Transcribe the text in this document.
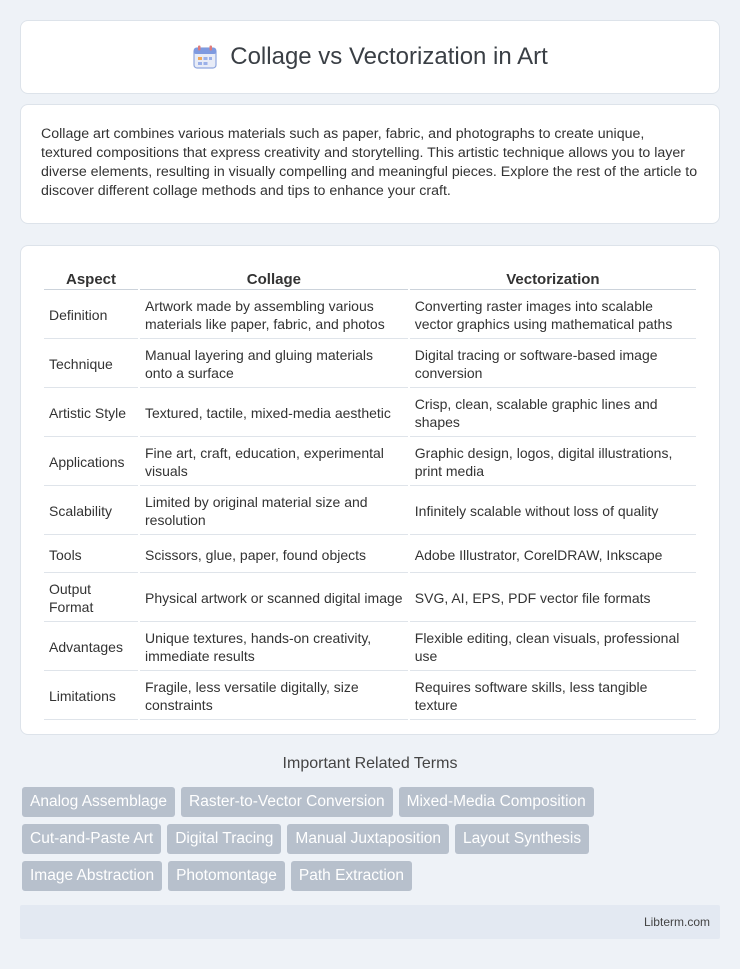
Collage vs Vectorization in Art

Collage art combines various materials such as paper, fabric, and photographs to create unique, textured compositions that express creativity and storytelling. This artistic technique allows you to layer diverse elements, resulting in visually compelling and meaningful pieces. Explore the rest of the article to discover different collage methods and tips to enhance your craft.

Aspect	Collage	Vectorization
Definition	Artwork made by assembling various materials like paper, fabric, and photos	Converting raster images into scalable vector graphics using mathematical paths
Technique	Manual layering and gluing materials onto a surface	Digital tracing or software-based image conversion
Artistic Style	Textured, tactile, mixed-media aesthetic	Crisp, clean, scalable graphic lines and shapes
Applications	Fine art, craft, education, experimental visuals	Graphic design, logos, digital illustrations, print media
Scalability	Limited by original material size and resolution	Infinitely scalable without loss of quality
Tools	Scissors, glue, paper, found objects	Adobe Illustrator, CorelDRAW, Inkscape
Output Format	Physical artwork or scanned digital image	SVG, AI, EPS, PDF vector file formats
Advantages	Unique textures, hands-on creativity, immediate results	Flexible editing, clean visuals, professional use
Limitations	Fragile, less versatile digitally, size constraints	Requires software skills, less tangible texture
Important Related Terms
Analog Assemblage	Raster-to-Vector Conversion	Mixed-Media Composition
Cut-and-Paste Art	Digital Tracing	Manual Juxtaposition	Layout Synthesis
Image Abstraction	Photomontage	Path Extraction
Libterm.com
